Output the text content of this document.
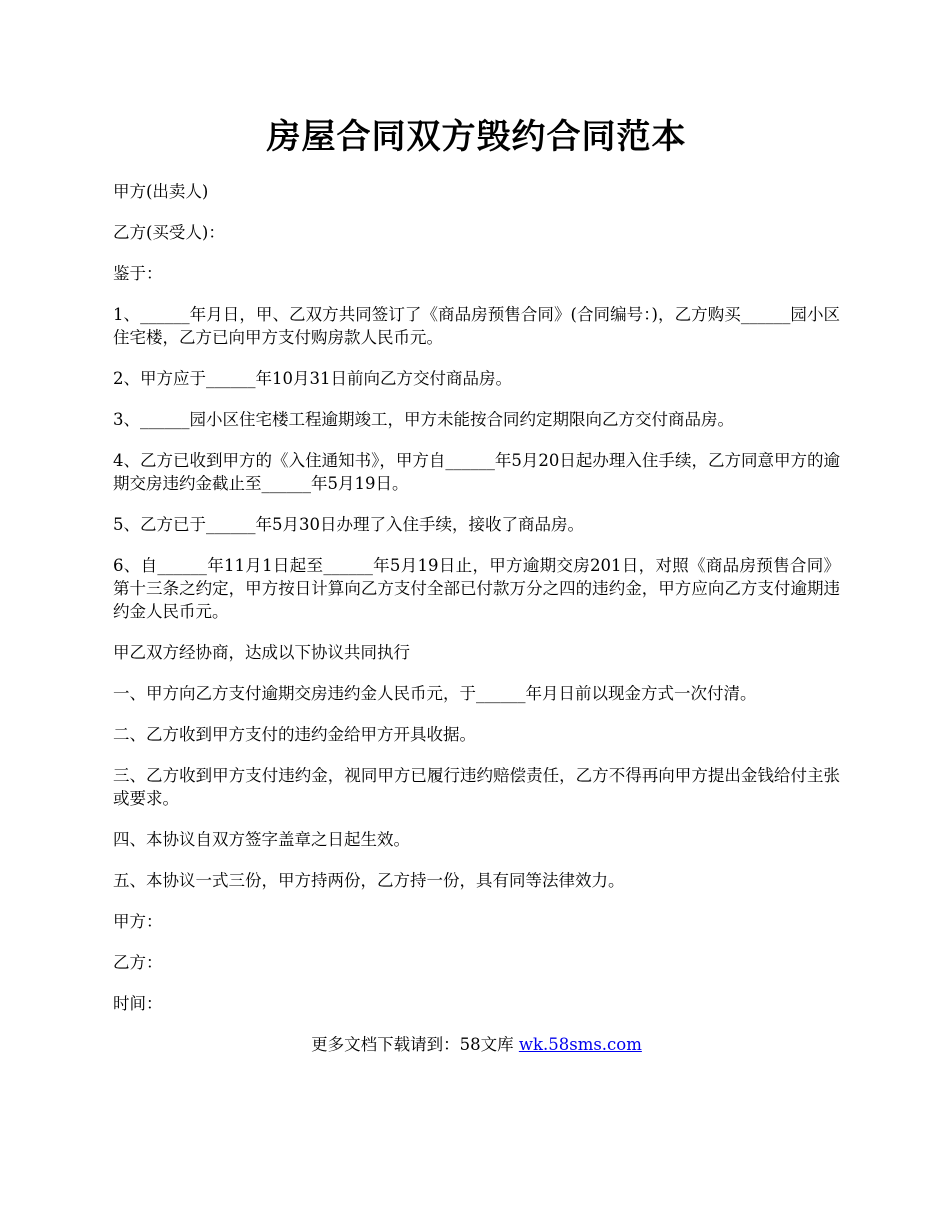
房屋合同双方毁约合同范本

甲方(出卖人)

乙方(买受人)：

鉴于：

1、______年月日，甲、乙双方共同签订了《商品房预售合同》(合同编号：)，乙方购买______园小区住宅楼，乙方已向甲方支付购房款人民币元。

2、甲方应于______年10月31日前向乙方交付商品房。

3、______园小区住宅楼工程逾期竣工，甲方未能按合同约定期限向乙方交付商品房。

4、乙方已收到甲方的《入住通知书》，甲方自______年5月20日起办理入住手续，乙方同意甲方的逾期交房违约金截止至______年5月19日。

5、乙方已于______年5月30日办理了入住手续，接收了商品房。

6、自______年11月1日起至______年5月19日止，甲方逾期交房201日，对照《商品房预售合同》第十三条之约定，甲方按日计算向乙方支付全部已付款万分之四的违约金，甲方应向乙方支付逾期违约金人民币元。

甲乙双方经协商，达成以下协议共同执行

一、甲方向乙方支付逾期交房违约金人民币元，于______年月日前以现金方式一次付清。

二、乙方收到甲方支付的违约金给甲方开具收据。

三、乙方收到甲方支付违约金，视同甲方已履行违约赔偿责任，乙方不得再向甲方提出金钱给付主张或要求。

四、本协议自双方签字盖章之日起生效。

五、本协议一式三份，甲方持两份，乙方持一份，具有同等法律效力。

甲方：

乙方：

时间：

更多文档下载请到：58文库 wk.58sms.com
